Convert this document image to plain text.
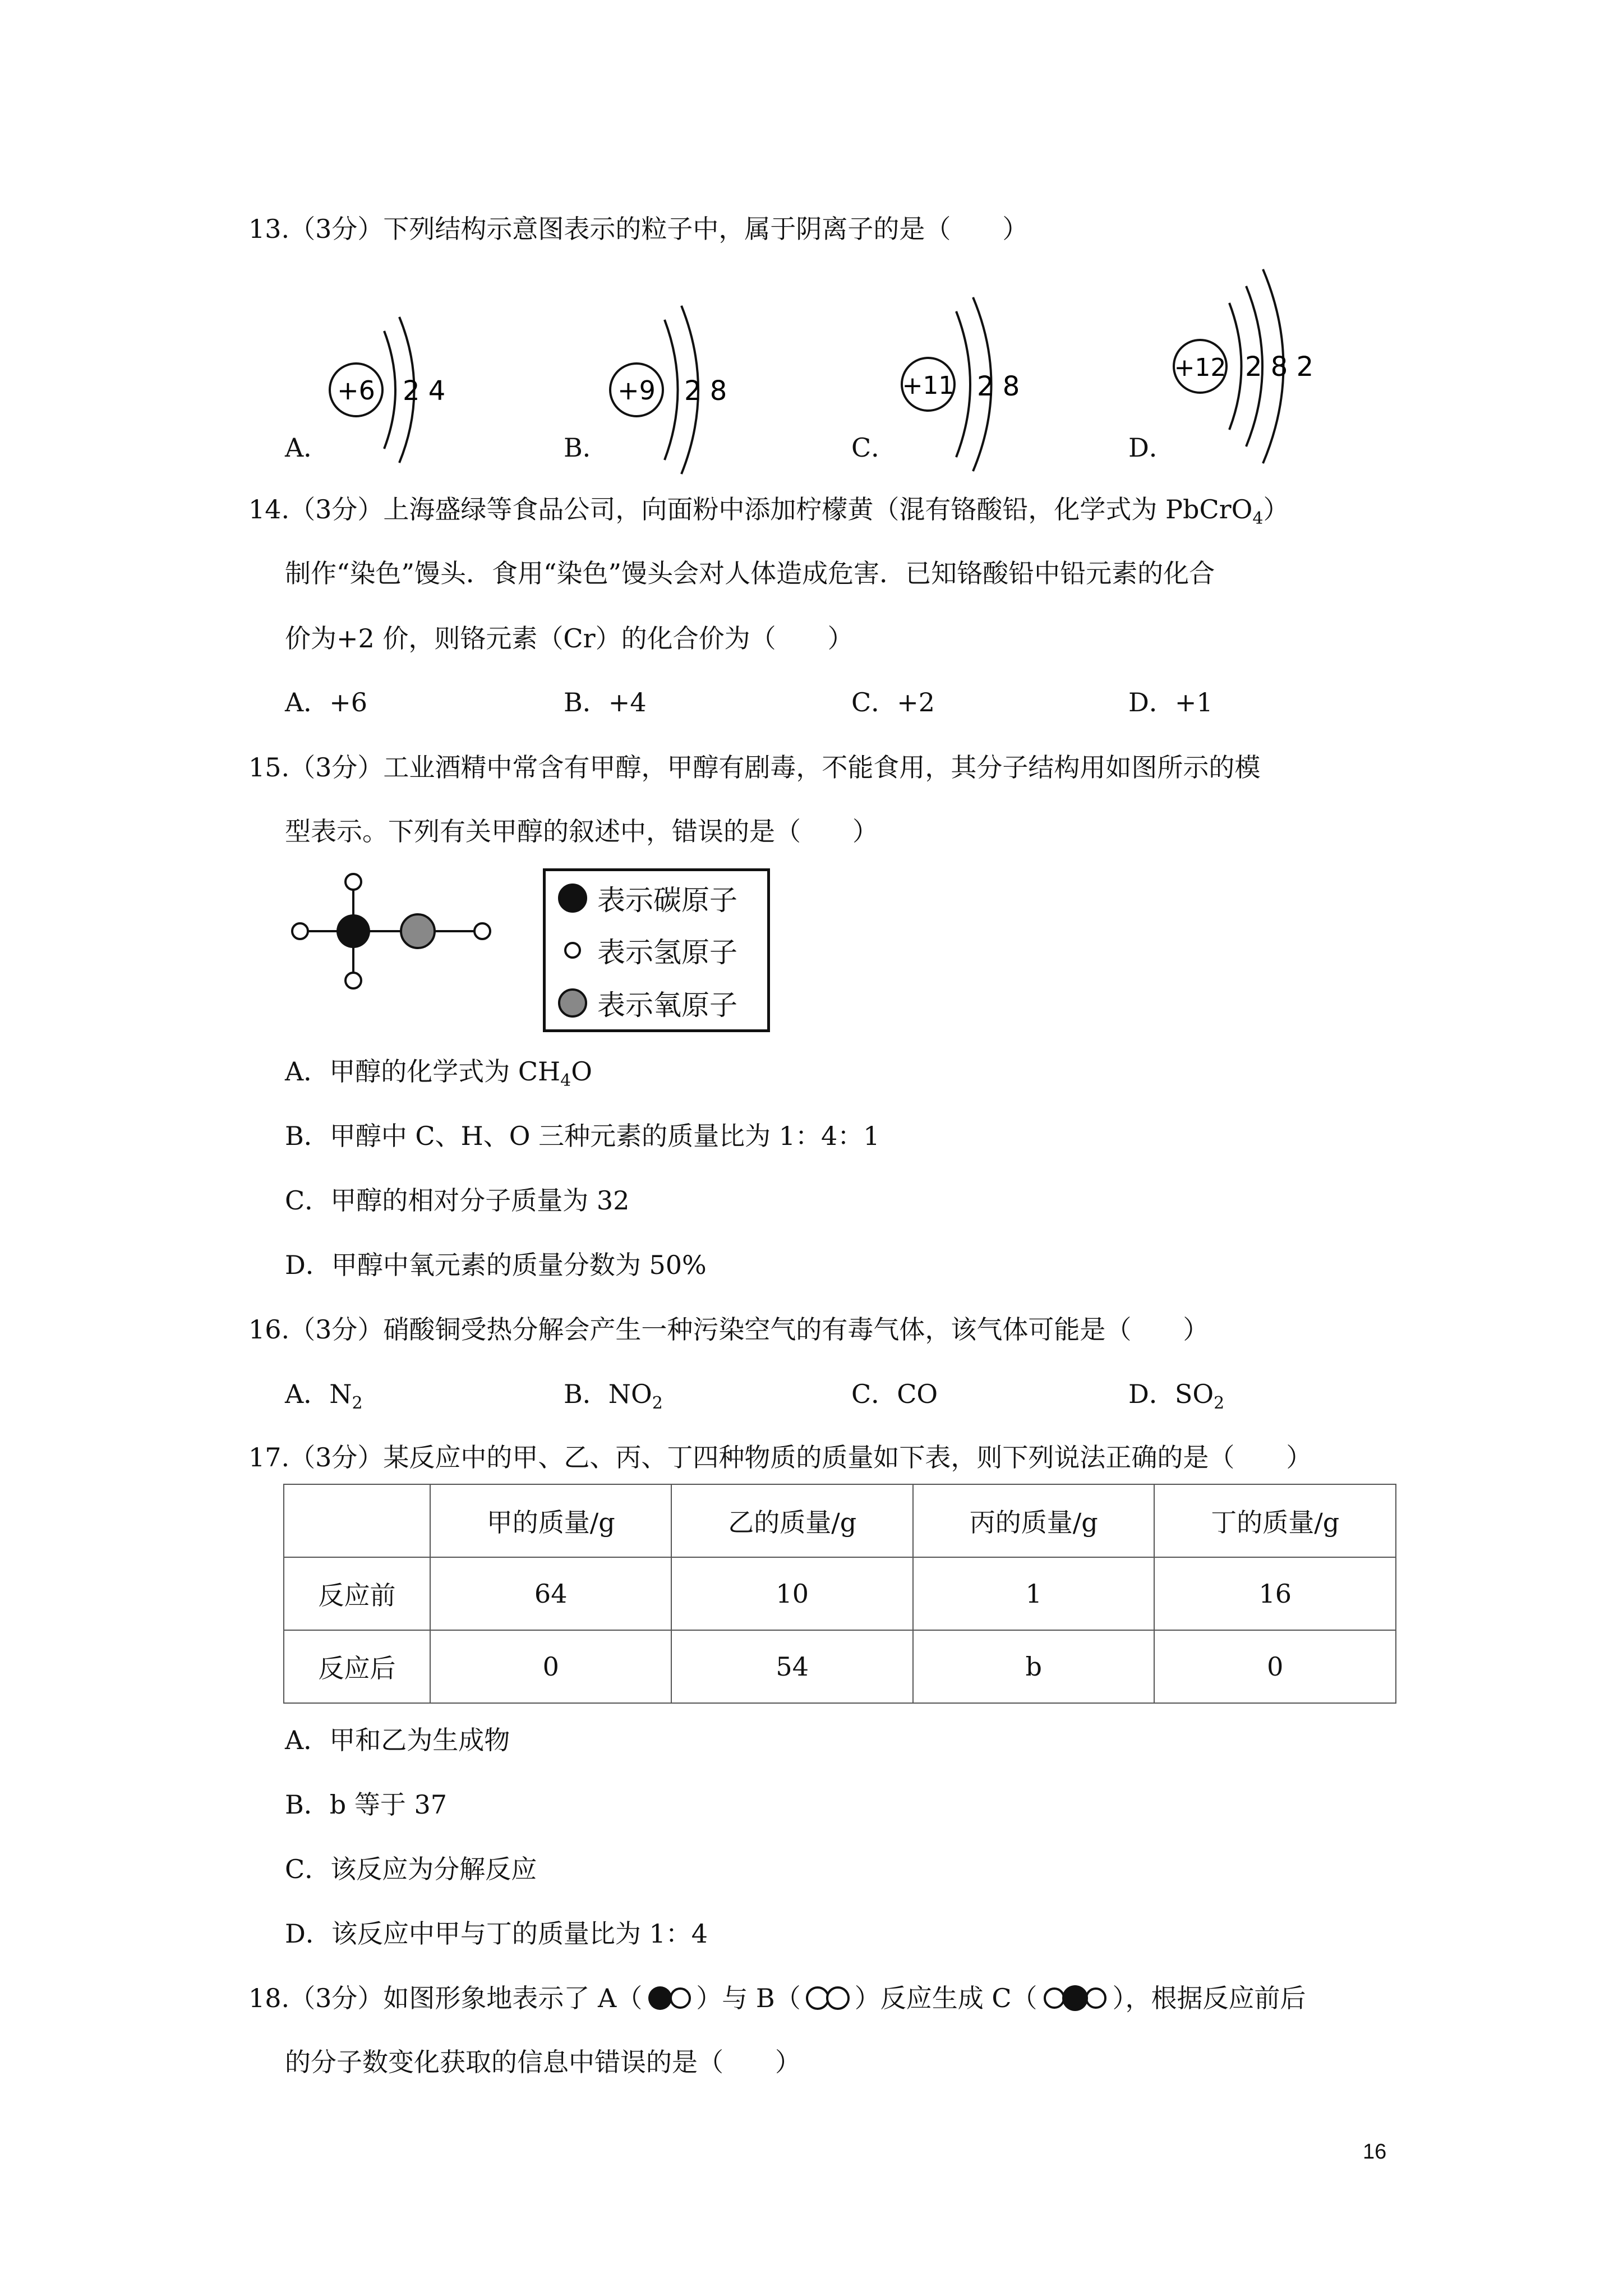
13.（3分）下列结构示意图表示的粒子中，属于阴离子的是（　　）
+6 2 4	+9 2 8	+11 2 8
+12 2 8 2
A．	B．	C．	D．
14.（3分）上海盛绿等食品公司，向面粉中添加柠檬黄（混有铬酸铅，化学式为 PbCrO$_4$）
制作“染色”馒头．食用“染色”馒头会对人体造成危害．已知铬酸铅中铅元素的化合
价为+2 价，则铬元素（Cr）的化合价为（　　）
A．+6	B．+4	C．+2	D．+1
15.（3分）工业酒精中常含有甲醇，甲醇有剧毒，不能食用，其分子结构用如图所示的模
型表示。下列有关甲醇的叙述中，错误的是（　　）
表示碳原子
表示氢原子
表示氧原子
A．甲醇的化学式为 $CH_4O$
B．甲醇中 C、H、O 三种元素的质量比为 1：4：1
C．甲醇的相对分子质量为 32
D．甲醇中氧元素的质量分数为 50%
16.（3分）硝酸铜受热分解会产生一种污染空气的有毒气体，该气体可能是（　　）
A．$N_2$	B．$NO_2$	C．CO	D．$SO_2$
17.（3分）某反应中的甲、乙、丙、丁四种物质的质量如下表，则下列说法正确的是（　　）
	甲的质量/g	乙的质量/g	丙的质量/g	丁的质量/g
反应前	64	10	1	16
反应后	0	54	b	0
A．甲和乙为生成物
B．b 等于 37
C．该反应为分解反应
D．该反应中甲与丁的质量比为 1：4
18.（3分）如图形象地表示了 A（ ）与 B（ ）反应生成 C（	），根据反应前后
的分子数变化获取的信息中错误的是（　　）
16
